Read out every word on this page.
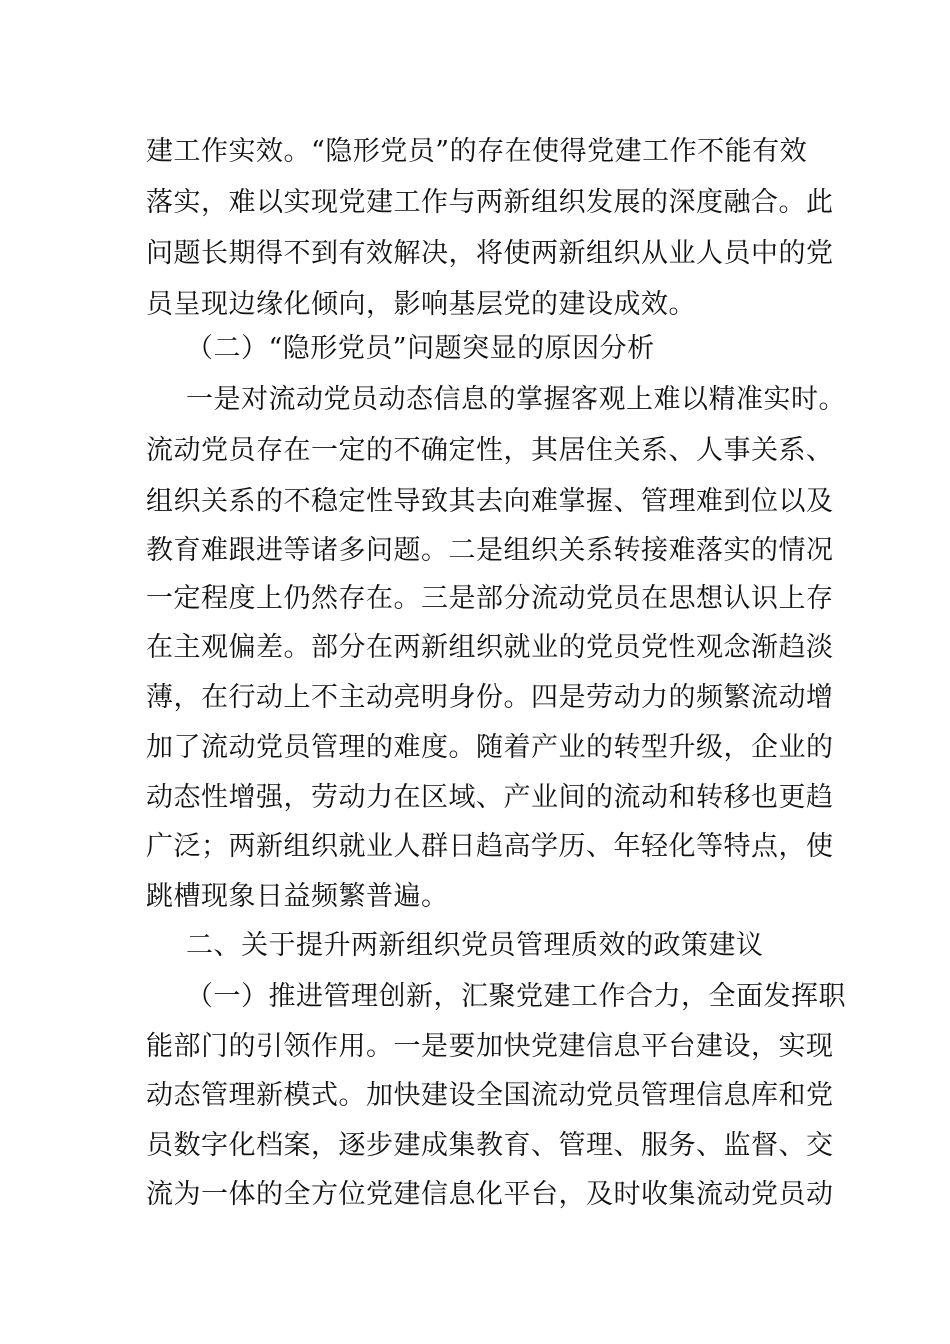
建工作实效。“隐形党员”的存在使得党建工作不能有效
落实，难以实现党建工作与两新组织发展的深度融合。此
问题长期得不到有效解决，将使两新组织从业人员中的党
员呈现边缘化倾向，影响基层党的建设成效。
（二）“隐形党员”问题突显的原因分析
一是对流动党员动态信息的掌握客观上难以精准实时。
流动党员存在一定的不确定性，其居住关系、人事关系、
组织关系的不稳定性导致其去向难掌握、管理难到位以及
教育难跟进等诸多问题。二是组织关系转接难落实的情况
一定程度上仍然存在。三是部分流动党员在思想认识上存
在主观偏差。部分在两新组织就业的党员党性观念渐趋淡
薄，在行动上不主动亮明身份。四是劳动力的频繁流动增
加了流动党员管理的难度。随着产业的转型升级，企业的
动态性增强，劳动力在区域、产业间的流动和转移也更趋
广泛；两新组织就业人群日趋高学历、年轻化等特点，使
跳槽现象日益频繁普遍。
二、关于提升两新组织党员管理质效的政策建议
（一）推进管理创新，汇聚党建工作合力，全面发挥职
能部门的引领作用。一是要加快党建信息平台建设，实现
动态管理新模式。加快建设全国流动党员管理信息库和党
员数字化档案，逐步建成集教育、管理、服务、监督、交
流为一体的全方位党建信息化平台，及时收集流动党员动
